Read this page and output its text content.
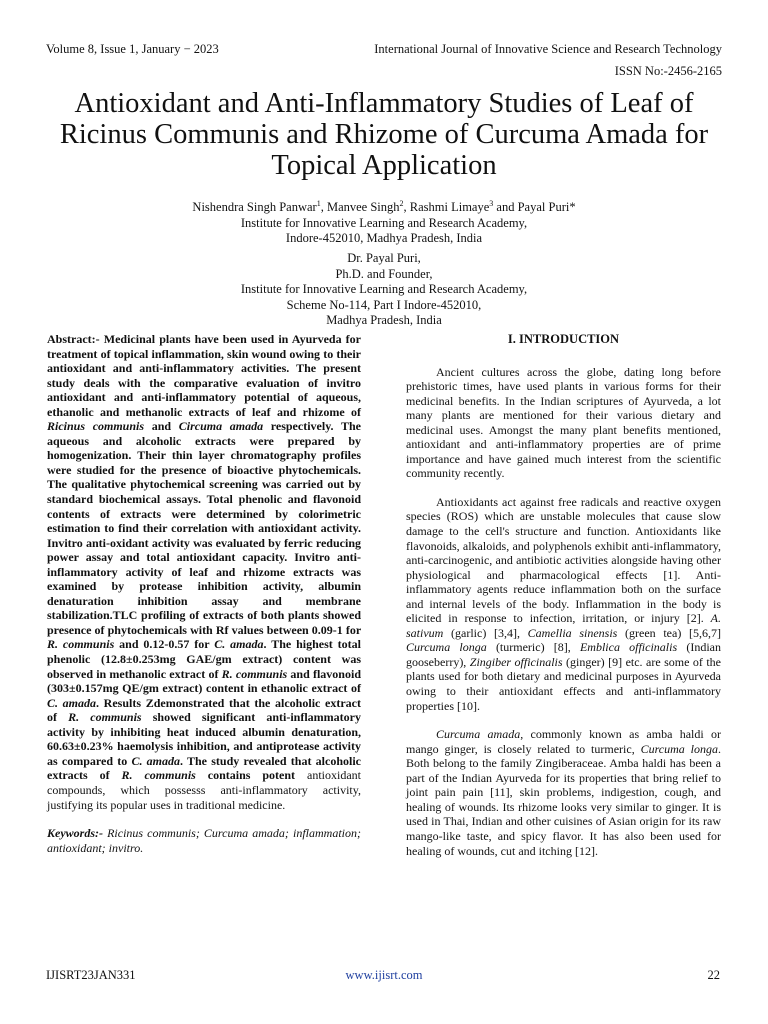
Volume 8, Issue 1, January − 2023	International Journal of Innovative Science and Research Technology
ISSN No:-2456-2165
Antioxidant and Anti-Inflammatory Studies of Leaf of Ricinus Communis and Rhizome of Curcuma Amada for Topical Application
Nishendra Singh Panwar$^1$, Manvee Singh$^2$, Rashmi Limaye$^3$ and Payal Puri*
Institute for Innovative Learning and Research Academy,
Indore-452010, Madhya Pradesh, India
Dr. Payal Puri,
Ph.D. and Founder,
Institute for Innovative Learning and Research Academy,
Scheme No-114, Part I Indore-452010,
Madhya Pradesh, India
Abstract:- Medicinal plants have been used in Ayurveda for treatment of topical inflammation, skin wound owing to their antioxidant and anti-inflammatory activities. The present study deals with the comparative evaluation of invitro antioxidant and anti-inflammatory potential of aqueous, ethanolic and methanolic extracts of leaf and rhizome of Ricinus communis and Circuma amada respectively. The aqueous and alcoholic extracts were prepared by homogenization. Their thin layer chromatography profiles were studied for the presence of bioactive phytochemicals. The qualitative phytochemical screening was carried out by standard biochemical assays. Total phenolic and flavonoid contents of extracts were determined by colorimetric estimation to find their correlation with antioxidant activity. Invitro anti-oxidant activity was evaluated by ferric reducing power assay and total antioxidant capacity. Invitro anti-inflammatory activity of leaf and rhizome extracts was examined by protease inhibition activity, albumin denaturation inhibition assay and membrane stabilization.TLC profiling of extracts of both plants showed presence of phytochemicals with Rf values between 0.09-1 for R. communis and 0.12-0.57 for C. amada. The highest total phenolic (12.8±0.253mg GAE/gm extract) content was observed in methanolic extract of R. communis and flavonoid (303±0.157mg QE/gm extract) content in ethanolic extract of C. amada. Results Zdemonstrated that the alcoholic extract of R. communis showed significant anti-inflammatory activity by inhibiting heat induced albumin denaturation, 60.63±0.23% haemolysis inhibition, and antiprotease activity as compared to C. amada. The study revealed that alcoholic extracts of R. communis contains potent antioxidant compounds, which possesss anti-inflammatory activity, justifying its popular uses in traditional medicine.
Keywords:- Ricinus communis; Curcuma amada; inflammation; antioxidant; invitro.
I. INTRODUCTION

Ancient cultures across the globe, dating long before prehistoric times, have used plants in various forms for their medicinal benefits. In the Indian scriptures of Ayurveda, a lot many plants are mentioned for their various dietary and medicinal uses. Amongst the many plant benefits mentioned, antioxidant and anti-inflammatory properties are of prime importance and have gained much interest from the scientific community recently.

Antioxidants act against free radicals and reactive oxygen species (ROS) which are unstable molecules that cause slow damage to the cell's structure and function. Antioxidants like flavonoids, alkaloids, and polyphenols exhibit anti-inflammatory, anti-carcinogenic, and antibiotic activities alongside having other physiological and pharmacological effects [1]. Anti-inflammatory agents reduce inflammation both on the surface and internal levels of the body. Inflammation in the body is elicited in response to infection, irritation, or injury [2]. A. sativum (garlic) [3,4], Camellia sinensis (green tea) [5,6,7] Curcuma longa (turmeric) [8], Emblica officinalis (Indian gooseberry), Zingiber officinalis (ginger) [9] etc. are some of the plants used for both dietary and medicinal purposes in Ayurveda owing to their antioxidant effects and anti-inflammatory properties [10].

Curcuma amada, commonly known as amba haldi or mango ginger, is closely related to turmeric, Curcuma longa. Both belong to the family Zingiberaceae. Amba haldi has been a part of the Indian Ayurveda for its properties that bring relief to joint pain pain [11], skin problems, indigestion, cough, and healing of wounds. Its rhizome looks very similar to ginger. It is used in Thai, Indian and other cuisines of Asian origin for its raw mango-like taste, and spicy flavor. It has also been used for healing of wounds, cut and itching [12].

IJISRT23JAN331	www.ijisrt.com	22
